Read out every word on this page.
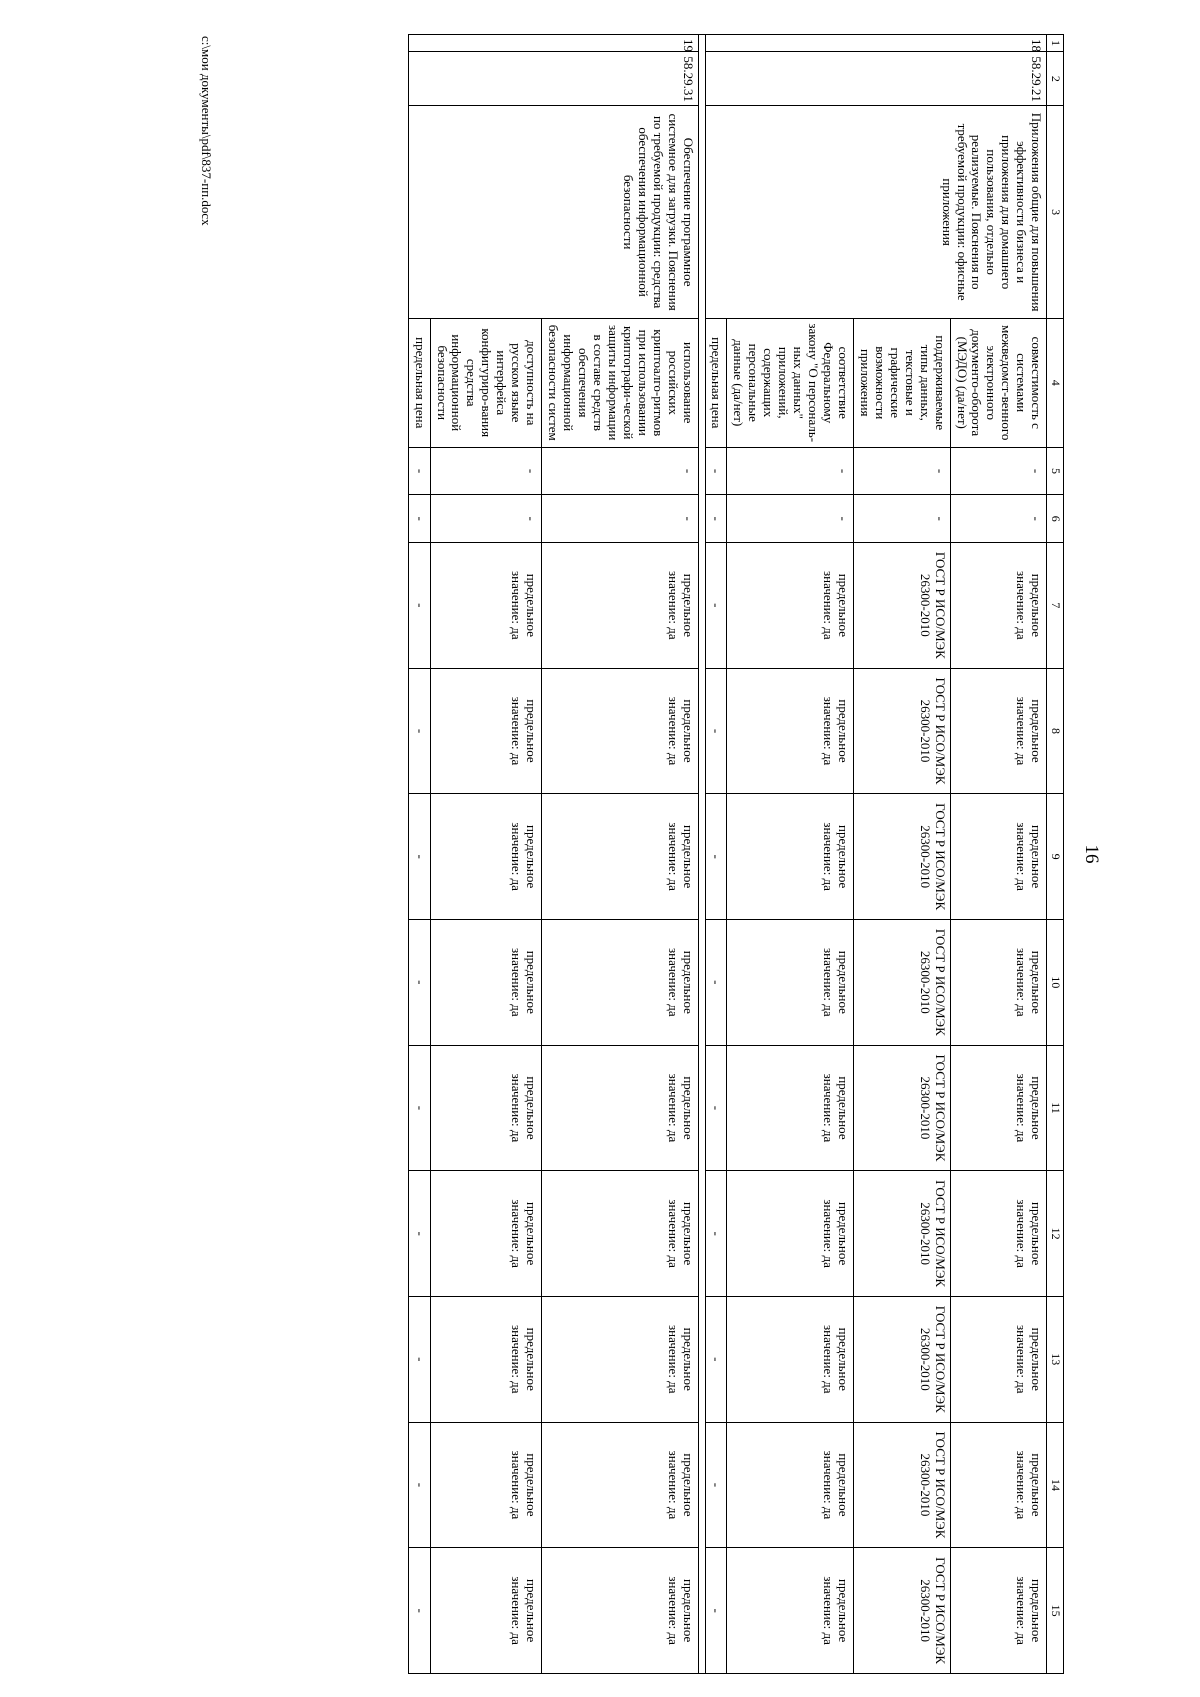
16
1	2	3	4	5	6	7	8	9	10	11	12	13	14	15
18	58.29.21	Приложения общие для повышения эффективности бизнеса и приложения для домашнего пользования, отдельно реализуемые. Пояснения по требуемой продукции: офисные приложения	совместимость с системами межведомст-венного электронного документо-оборота (МЭДО) (да/нет)	-	-	предельное значение: да	предельное значение: да	предельное значение: да	предельное значение: да	предельное значение: да	предельное значение: да	предельное значение: да	предельное значение: да	предельное значение: да
			поддерживаемые типы данных, текстовые и графические возможности приложения	-	-	ГОСТ Р ИСО/МЭК 26300-2010	ГОСТ Р ИСО/МЭК 26300-2010	ГОСТ Р ИСО/МЭК 26300-2010	ГОСТ Р ИСО/МЭК 26300-2010	ГОСТ Р ИСО/МЭК 26300-2010	ГОСТ Р ИСО/МЭК 26300-2010	ГОСТ Р ИСО/МЭК 26300-2010	ГОСТ Р ИСО/МЭК 26300-2010	ГОСТ Р ИСО/МЭК 26300-2010
			соответствие Федеральному закону "О персональ-ных данных" приложений, содержащих персональные данные (да/нет)	-	-	предельное значение: да	предельное значение: да	предельное значение: да	предельное значение: да	предельное значение: да	предельное значение: да	предельное значение: да	предельное значение: да	предельное значение: да
			предельная цена	-	-	-	-	-	-	-	-	-	-	-

19	58.29.31	Обеспечение программное системное для загрузки. Пояснения по требуемой продукции: средства обеспечения информационной безопасности	использование российских криптоалго-ритмов при использовании криптографи-ческой защиты информации в составе средств обеспечения информационной безопасности систем	-	-	предельное значение: да	предельное значение: да	предельное значение: да	предельное значение: да	предельное значение: да	предельное значение: да	предельное значение: да	предельное значение: да	предельное значение: да
			доступность на русском языке интерфейса конфигуриро-вания средства информационной безопасности	-	-	предельное значение: да	предельное значение: да	предельное значение: да	предельное значение: да	предельное значение: да	предельное значение: да	предельное значение: да	предельное значение: да	предельное значение: да
			предельная цена	-	-	-	-	-	-	-	-	-	-	-
c:\мои документы\pdf\837-пп.docx
